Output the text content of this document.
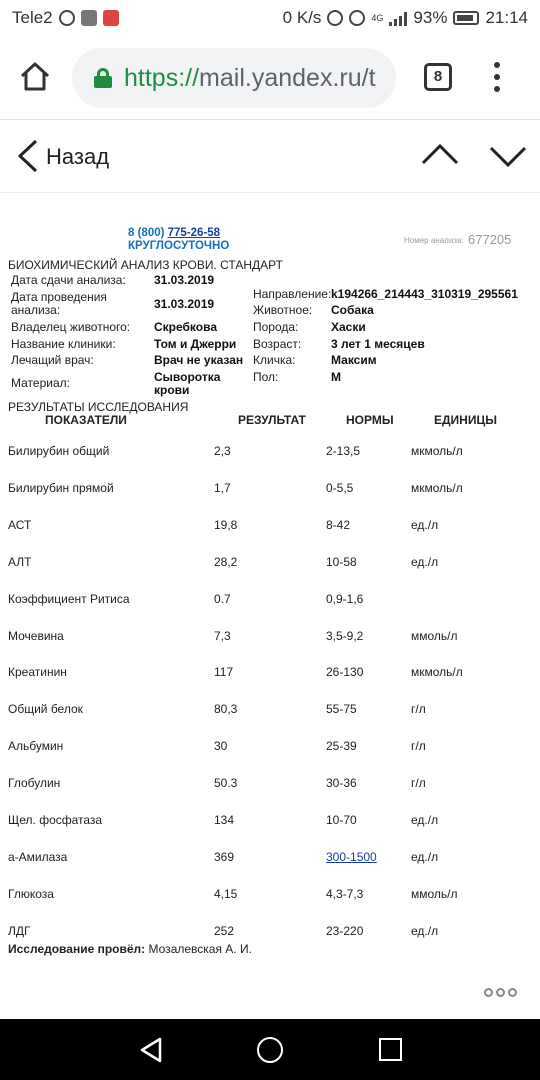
Tele2	0 K/s	4G 93% 21:14
https://mail.yandex.ru/t	8
Назад
8 (800) 775-26-58
КРУГЛОСУТОЧНО	Номер анализа: 677205
БИОХИМИЧЕСКИЙ АНАЛИЗ КРОВИ. СТАНДАРТ
Дата сдачи анализа: 31.03.2019
Дата проведения
анализа:	31.03.2019
Владелец животного: Скребкова
Название клиники:	Том и Джерри
Лечащий врач:	Врач не указан
Материал:	Сыворотка
крови
Направление: k194266_214443_310319_295561
Животное: Собака
Порода:	Хаски
Возраст: 3 лет 1 месяцев
Кличка:	Максим
Пол:	М
РЕЗУЛЬТАТЫ ИССЛЕДОВАНИЯ
ПОКАЗАТЕЛИ	РЕЗУЛЬТАТ	НОРМЫ	ЕДИНИЦЫ
Билирубин общий	2,3	2-13,5	мкмоль/л
Билирубин прямой	1,7	0-5,5	мкмоль/л
АСТ	19,8	8-42	ед./л
АЛТ	28,2	10-58	ед./л
Коэффициент Ритиса	0.7	0,9-1,6
Мочевина	7,3	3,5-9,2	ммоль/л
Креатинин	117	26-130	мкмоль/л
Общий белок	80,3	55-75	г/л
Альбумин	30	25-39	г/л
Глобулин	50.3	30-36	г/л
Щел. фосфатаза	134	10-70	ед./л
а-Амилаза	369	300-1500	ед./л
Глюкоза	4,15	4,3-7,3	ммоль/л
ЛДГ	252	23-220	ед./л
Исследование провёл: Мозалевская А. И.
